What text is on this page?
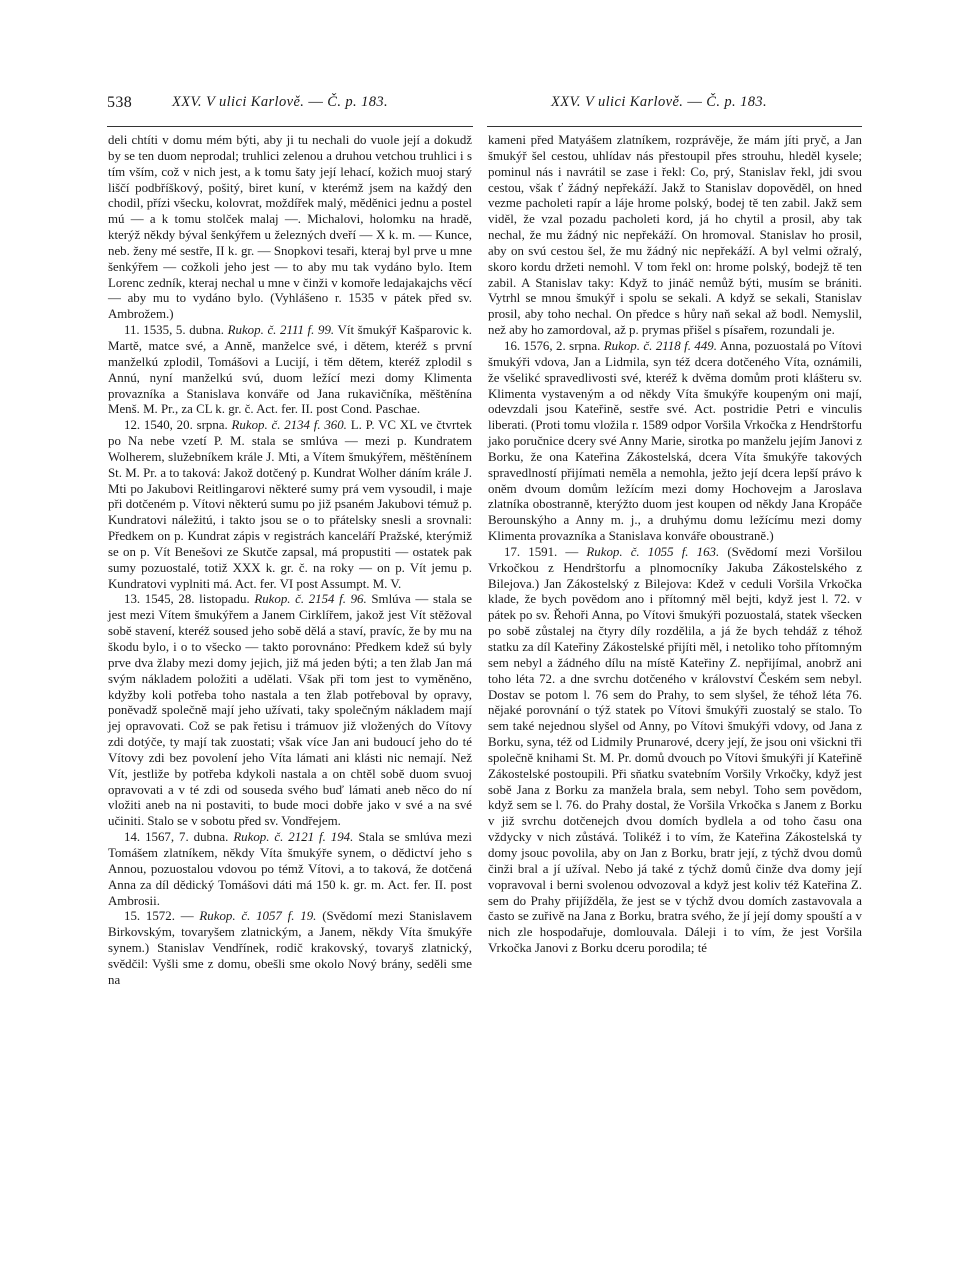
538	XXV. V ulici Karlově. — Č. p. 183.	XXV. V ulici Karlově. — Č. p. 183.

deli chtíti v domu mém býti, aby ji tu nechali do vuole její a dokudž by se ten duom neprodal; truhlici zelenou a druhou vetchou truhlici i s tím vším, což v nich jest, a k tomu šaty její lehací, kožich muoj starý liščí podbříškový, pošitý, biret kuní, v kterémž jsem na každý den chodil, přízi všecku, kolovrat, moždířek malý, měděnici jednu a postel mú — a k tomu stolček malaj —. Michalovi, holomku na hradě, kterýž někdy býval šenkýřem u železných dveří — X k. m. — Kunce, neb. ženy mé sestře, II k. gr. — Snopkovi tesaři, kteraj byl prve u mne šenkýřem — cožkoli jeho jest — to aby mu tak vydáno bylo. Item Lorenc zedník, kteraj nechal u mne v činži v komoře ledajakajchs věcí — aby mu to vydáno bylo. (Vyhlášeno r. 1535 v pátek před sv. Ambrožem.)

11. 1535, 5. dubna. Rukop. č. 2111 f. 99. Vít šmukýř Kašparovic k. Martě, matce své, a Anně, manželce své, i dětem, kteréž s první manželkú zplodil, Tomášovi a Lucijí, i těm dětem, kteréž zplodil s Annú, nyní manželkú svú, duom ležící mezi domy Klimenta provazníka a Stanislava konváře od Jana rukavičníka, měštěnína Menš. M. Pr., za CL k. gr. č. Act. fer. II. post Cond. Paschae.

12. 1540, 20. srpna. Rukop. č. 2134 f. 360. L. P. VC XL ve čtvrtek po Na nebe vzetí P. M. stala se smlúva — mezi p. Kundratem Wolherem, služebníkem krále J. Mti, a Vítem šmukýřem, měštěnínem St. M. Pr. a to taková: Jakož dotčený p. Kundrat Wolher dáním krále J. Mti po Jakubovi Reitlingarovi některé sumy prá vem vysoudil, i maje při dotčeném p. Vítovi některú sumu po již psaném Jakubovi témuž p. Kundratovi náležitú, i takto jsou se o to přátelsky snesli a srovnali: Předkem on p. Kundrat zápis v registrách kanceláří Pražské, kterýmiž se on p. Vít Benešovi ze Skutče zapsal, má propustiti — ostatek pak sumy pozuostalé, totiž XXX k. gr. č. na roky — on p. Vít jemu p. Kundratovi vyplniti má. Act. fer. VI post Assumpt. M. V.

13. 1545, 28. listopadu. Rukop. č. 2154 f. 96. Smlúva — stala se jest mezi Vítem šmukýřem a Janem Cirklířem, jakož jest Vít stěžoval sobě stavení, kteréž soused jeho sobě dělá a staví, pravíc, že by mu na škodu bylo, i o to všecko — takto porovnáno: Předkem kdež sú byly prve dva žlaby mezi domy jejich, již má jeden býti; a ten žlab Jan má svým nákladem položiti a udělati. Však při tom jest to vyměněno, kdyžby koli potřeba toho nastala a ten žlab potřeboval by opravy, poněvadž společně mají jeho užívati, taky společným nákladem mají jej opravovati. Což se pak řetisu i trámuov již vložených do Vítovy zdi dotýče, ty mají tak zuostati; však více Jan ani budoucí jeho do té Vítovy zdi bez povolení jeho Víta lámati ani klásti nic nemají. Než Vít, jestliže by potřeba kdykoli nastala a on chtěl sobě duom svuoj opravovati a v té zdi od souseda svého buď lámati aneb něco do ní vložiti aneb na ni postaviti, to bude moci dobře jako v své a na své učiniti. Stalo se v sobotu před sv. Vondřejem.

14. 1567, 7. dubna. Rukop. č. 2121 f. 194. Stala se smlúva mezi Tomášem zlatníkem, někdy Víta šmukýře synem, o dědictví jeho s Annou, pozuostalou vdovou po témž Vítovi, a to taková, že dotčená Anna za díl dědický Tomášovi dáti má 150 k. gr. m. Act. fer. II. post Ambrosii.

15. 1572. — Rukop. č. 1057 f. 19. (Svědomí mezi Stanislavem Birkovským, tovaryšem zlatnickým, a Janem, někdy Víta šmukýře synem.) Stanislav Vendřínek, rodič krakovský, tovaryš zlatnický, svědčil: Vyšli sme z domu, obešli sme okolo Nový brány, seděli sme na

kameni před Matyášem zlatníkem, rozprávěje, že mám jíti pryč, a Jan šmukýř šel cestou, uhlídav nás přestoupil přes strouhu, hleděl kysele; pominul nás i navrátil se zase i řekl: Co, prý, Stanislav řekl, jdi svou cestou, však ť žádný nepřekáží. Jakž to Stanislav dopověděl, on hned vezme pacholeti rapír a láje hrome polský, bodej tě ten zabil. Jakž sem viděl, že vzal pozadu pacholeti kord, já ho chytil a prosil, aby tak nechal, že mu žádný nic nepřekáží. On hromoval. Stanislav ho prosil, aby on svú cestou šel, že mu žádný nic nepřekáží. A byl velmi ožralý, skoro kordu držeti nemohl. V tom řekl on: hrome polský, bodejž tě ten zabil. A Stanislav taky: Když to jináč nemůž býti, musím se brániti. Vytrhl se mnou šmukýř i spolu se sekali. A když se sekali, Stanislav prosil, aby toho nechal. On předce s hůry naň sekal až bodl. Nemyslil, než aby ho zamordoval, až p. prymas přišel s písařem, rozundali je.

16. 1576, 2. srpna. Rukop. č. 2118 f. 449. Anna, pozuostalá po Vítovi šmukýři vdova, Jan a Lidmila, syn též dcera dotčeného Víta, oznámili, že všelikć spravedlivosti své, kteréž k dvěma domům proti klášteru sv. Klimenta vystaveným a od někdy Víta šmukýře koupeným oni mají, odevzdali jsou Kateřině, sestře své. Act. postridie Petri e vinculis liberati. (Proti tomu vložila r. 1589 odpor Voršila Vrkočka z Hendrštorfu jako poručnice dcery své Anny Marie, sirotka po manželu jejím Janovi z Borku, že ona Kateřina Zákostelská, dcera Víta šmukýře takových spravedlností přijímati neměla a nemohla, ježto její dcera lepší právo k oněm dvoum domům ležícím mezi domy Hochovejm a Jaroslava zlatníka obostranně, kterýžto duom jest koupen od někdy Jana Kropáče Berounskýho a Anny m. j., a druhýmu domu ležícímu mezi domy Klimenta provazníka a Stanislava konváře oboustraně.)

17. 1591. — Rukop. č. 1055 f. 163. (Svědomí mezi Voršilou Vrkočkou z Hendrštorfu a plnomocníky Jakuba Zákostelského z Bilejova.) Jan Zákostelský z Bilejova: Kdež v ceduli Voršila Vrkočka klade, že bych povědom ano i přítomný měl bejti, když jest l. 72. v pátek po sv. Řehoři Anna, po Vítovi šmukýři pozuostalá, statek všecken po sobě zůstalej na čtyry díly rozdělila, a já že bych tehdáž z téhož statku za díl Kateřiny Zákostelské přijíti měl, i netoliko toho přítomným sem nebyl a žádného dílu na místě Kateřiny Z. nepřijímal, anobrž ani toho léta 72. a dne svrchu dotčeného v království Českém sem nebyl. Dostav se potom l. 76 sem do Prahy, to sem slyšel, že téhož léta 76. nějaké porovnání o týž statek po Vítovi šmukýři zuostalý se stalo. To sem také nejednou slyšel od Anny, po Vítovi šmukýři vdovy, od Jana z Borku, syna, též od Lidmily Prunarové, dcery její, že jsou oni všickni tři společně knihami St. M. Pr. domů dvouch po Vítovi šmukýři jí Kateřině Zákostelské postoupili. Při sňatku svatebním Voršily Vrkočky, když jest sobě Jana z Borku za manžela brala, sem nebyl. Toho sem povědom, když sem se l. 76. do Prahy dostal, že Voršila Vrkočka s Janem z Borku v již svrchu dotčenejch dvou domích bydlela a od toho času ona vždycky v nich zůstává. Tolikéž i to vím, že Kateřina Zákostelská ty domy jsouc povolila, aby on Jan z Borku, bratr její, z týchž dvou domů činži bral a jí užíval. Nebo já také z týchž domů činže dva domy její vopravoval i berni svolenou odvozoval a když jest koliv též Kateřina Z. sem do Prahy přijížděla, že jest se v týchž dvou domích zastavovala a často se zuřivě na Jana z Borku, bratra svého, že jí její domy spouští a v nich zle hospodařuje, domlouvala. Dáleji i to vím, že jest Voršila Vrkočka Janovi z Borku dceru porodila; té
